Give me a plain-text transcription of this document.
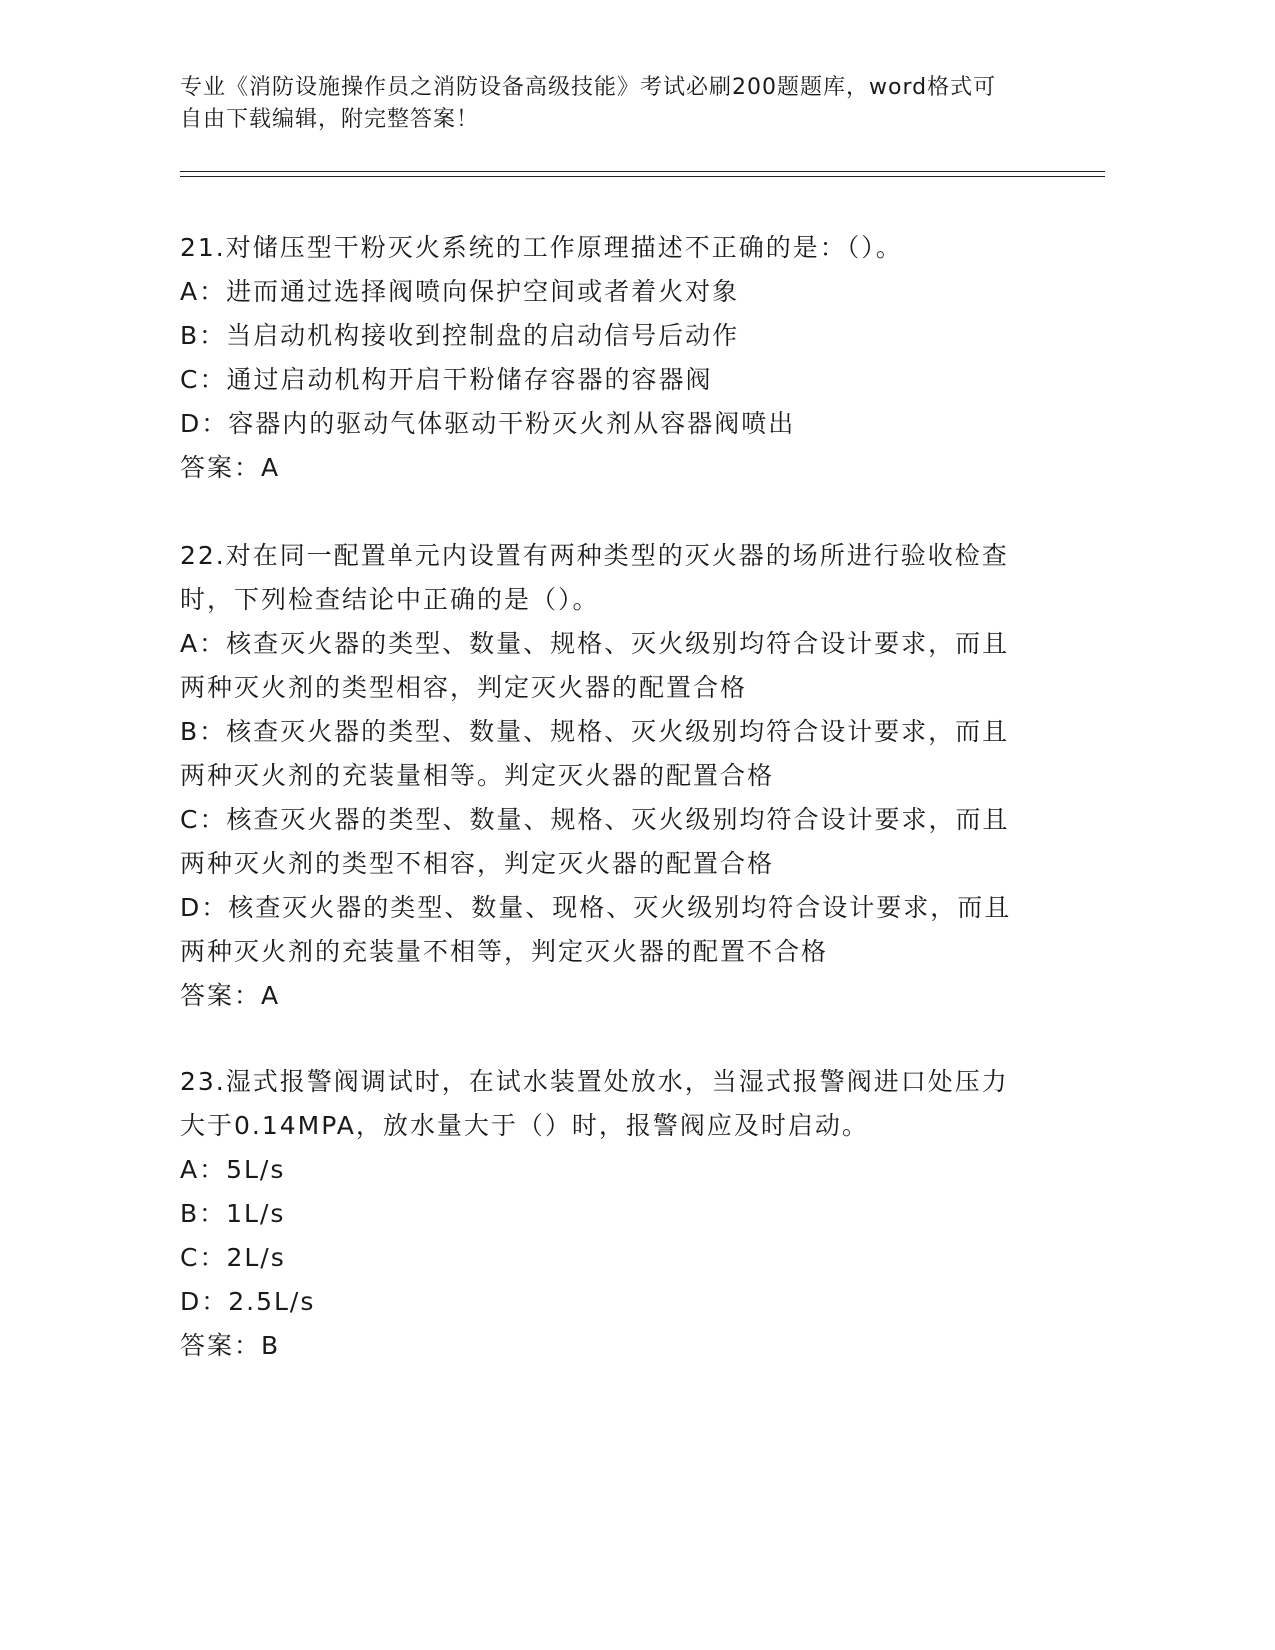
专业《消防设施操作员之消防设备高级技能》考试必刷200题题库，word格式可
自由下载编辑，附完整答案！

21.对储压型干粉灭火系统的工作原理描述不正确的是：（）。

A：进而通过选择阀喷向保护空间或者着火对象

B：当启动机构接收到控制盘的启动信号后动作

C：通过启动机构开启干粉储存容器的容器阀

D：容器内的驱动气体驱动干粉灭火剂从容器阀喷出

答案：A

22.对在同一配置单元内设置有两种类型的灭火器的场所进行验收检查

时，下列检查结论中正确的是（）。

A：核查灭火器的类型、数量、规格、灭火级别均符合设计要求，而且

两种灭火剂的类型相容，判定灭火器的配置合格

B：核查灭火器的类型、数量、规格、灭火级别均符合设计要求，而且

两种灭火剂的充装量相等。判定灭火器的配置合格

C：核查灭火器的类型、数量、规格、灭火级别均符合设计要求，而且

两种灭火剂的类型不相容，判定灭火器的配置合格

D：核查灭火器的类型、数量、现格、灭火级别均符合设计要求，而且

两种灭火剂的充装量不相等，判定灭火器的配置不合格

答案：A

23.湿式报警阀调试时，在试水装置处放水，当湿式报警阀进口处压力

大于0.14MPA，放水量大于（）时，报警阀应及时启动。

A：5L/s

B：1L/s

C：2L/s

D：2.5L/s

答案：B
